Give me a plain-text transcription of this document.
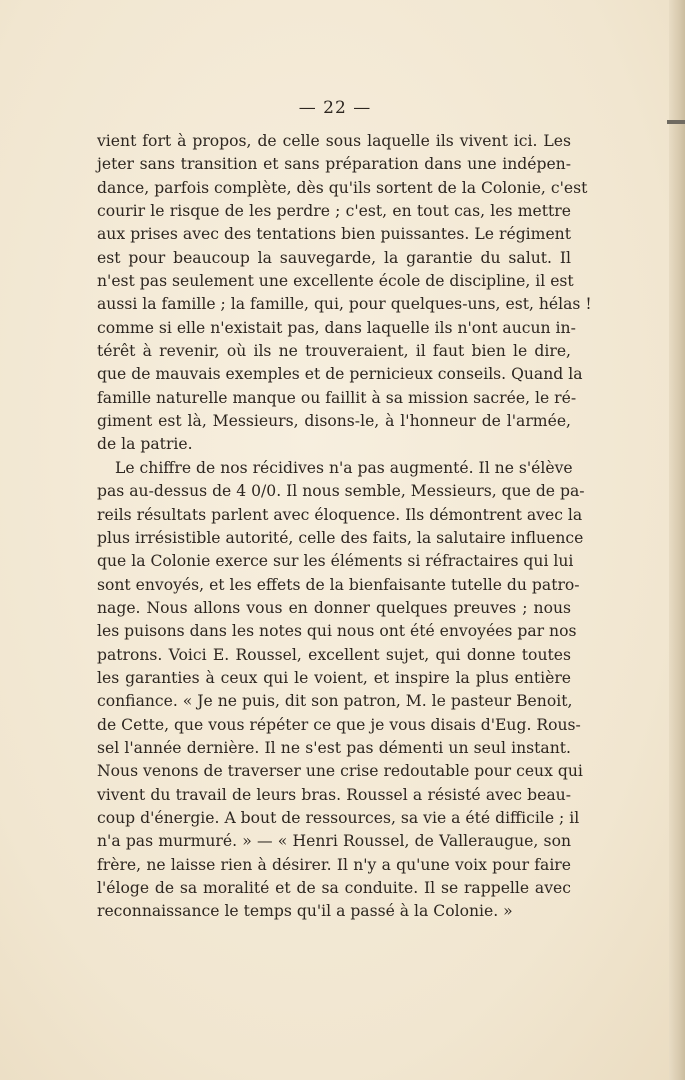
— 22 —
vient fort à propos, de celle sous laquelle ils vivent ici. Les
jeter sans transition et sans préparation dans une indépen-
dance, parfois complète, dès qu'ils sortent de la Colonie, c'est
courir le risque de les perdre ; c'est, en tout cas, les mettre
aux prises avec des tentations bien puissantes. Le régiment
est pour beaucoup la sauvegarde, la garantie du salut. Il
n'est pas seulement une excellente école de discipline, il est
aussi la famille ; la famille, qui, pour quelques-uns, est, hélas !
comme si elle n'existait pas, dans laquelle ils n'ont aucun in-
térêt à revenir, où ils ne trouveraient, il faut bien le dire,
que de mauvais exemples et de pernicieux conseils. Quand la
famille naturelle manque ou faillit à sa mission sacrée, le ré-
giment est là, Messieurs, disons-le, à l'honneur de l'armée,
de la patrie.
Le chiffre de nos récidives n'a pas augmenté. Il ne s'élève
pas au-dessus de 4 0/0. Il nous semble, Messieurs, que de pa-
reils résultats parlent avec éloquence. Ils démontrent avec la
plus irrésistible autorité, celle des faits, la salutaire influence
que la Colonie exerce sur les éléments si réfractaires qui lui
sont envoyés, et les effets de la bienfaisante tutelle du patro-
nage. Nous allons vous en donner quelques preuves ; nous
les puisons dans les notes qui nous ont été envoyées par nos
patrons. Voici E. Roussel, excellent sujet, qui donne toutes
les garanties à ceux qui le voient, et inspire la plus entière
confiance. « Je ne puis, dit son patron, M. le pasteur Benoit,
de Cette, que vous répéter ce que je vous disais d'Eug. Rous-
sel l'année dernière. Il ne s'est pas démenti un seul instant.
Nous venons de traverser une crise redoutable pour ceux qui
vivent du travail de leurs bras. Roussel a résisté avec beau-
coup d'énergie. A bout de ressources, sa vie a été difficile ; il
n'a pas murmuré. » — « Henri Roussel, de Valleraugue, son
frère, ne laisse rien à désirer. Il n'y a qu'une voix pour faire
l'éloge de sa moralité et de sa conduite. Il se rappelle avec
reconnaissance le temps qu'il a passé à la Colonie. »
